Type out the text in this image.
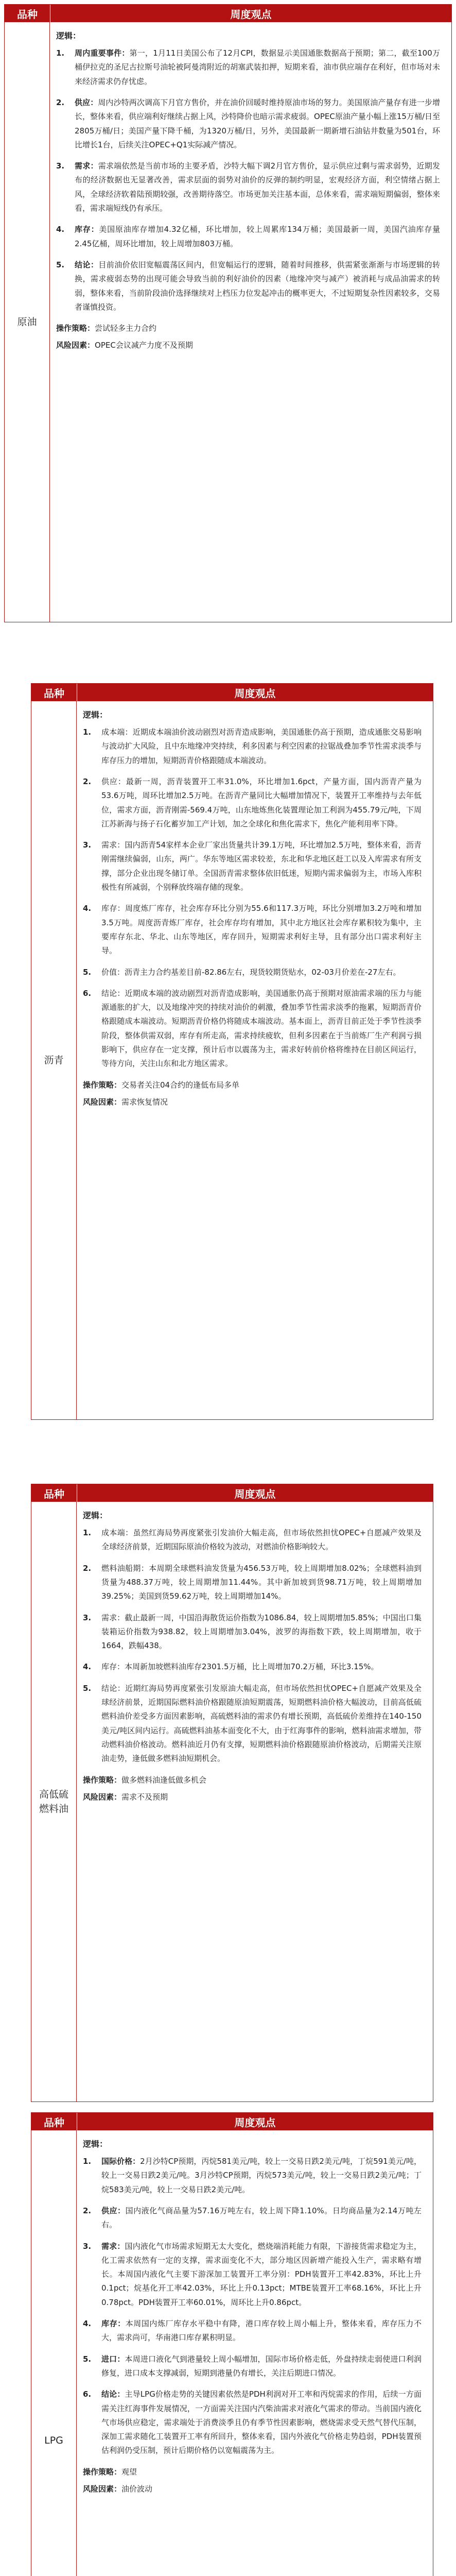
品种	周度观点
原油
逻辑：
1.	周内重要事件：第一，1月11日美国公布了12月CPI，数据显示美国通胀数据高于预期；第二，截至100万桶伊拉克的圣尼古拉斯号油轮被阿曼湾附近的胡塞武装扣押，短期来看，油市供应端存在利好，但市场对未来经济需求仍存忧虑。
2.	供应：周内沙特两次调高下月官方售价，并在油价回暖时维持原油市场的努力。美国原油产量存有进一步增长，整体来看，供应端利好继续占据上风，沙特降价也暗示需求疲弱。OPEC原油产量小幅上涨15万桶/日至2805万桶/日；美国产量下降千桶，为1320万桶/日，另外，美国最新一期新增石油钻井数量为501台，环比增长1台，后续关注OPEC+Q1实际减产情况。
3.	需求：需求端依然是当前市场的主要矛盾，沙特大幅下调2月官方售价，显示供应过剩与需求弱势，近期发布的经济数据也无显著改善，需求层面的弱势对油价的反弹的制约明显，宏观经济方面，利空情绪占据上风，全球经济软着陆预期较强，改善期待落空。市场更加关注基本面，总体来看，需求端短期偏弱，整体来看，需求端短线仍有承压。
4.	库存：美国原油库存增加4.32亿桶，环比增加，较上周累库134万桶；美国最新一周，美国汽油库存量2.45亿桶，周环比增加，较上周增加803万桶。
5.	结论：目前油价依旧宽幅震荡区间内，但宽幅运行的逻辑，随着时间推移，供需紧张渐渐与市场逻辑的转换，需求疲弱态势的出现可能会导致当前的利好油价的因素（地缘冲突与减产）被消耗与成品油需求的转弱，整体来看，当前阶段油价选择继续对上档压力位发起冲击的概率更大，不过短期复杂性因素较多，交易者谨慎投资。
操作策略：尝试轻多主力合约
风险因素：OPEC会议减产力度不及预期
品种	周度观点
沥青
逻辑：
1.	成本端：近期成本端油价波动剧烈对沥青造成影响，美国通胀仍高于预期，造成通胀交易影响与波动扩大风险，且中东地缘冲突持续，利多因素与利空因素的拉锯战叠加季节性需求淡季与库存压力的增加，短期沥青价格跟随成本端波动。
2.	供应：最新一周，沥青装置开工率31.0%，环比增加1.6pct，产量方面，国内沥青产量为53.6万吨，周环比增加2.5万吨。在沥青产量同比大幅增加情况下，装置开工率维持与去年低位，需求方面，沥青刚需-569.4万吨，山东地炼焦化装置理论加工利润为455.79元/吨，下周江苏新海与扬子石化蓄岁加工产计划，加之全球化和焦化需求下，焦化产能利用率下降。
3.	需求：国内沥青54家样本企业厂家出货量共计39.1万吨，环比增加2.5万吨，整体来看，沥青刚需继续偏弱，山东，两广。华东等地区需求较差，东北和华北地区赶工以及入库需求有所支撑，部分企业出现冬储订单。全国沥青需求整体依旧低迷，短期内需求偏弱为主，市场入库积极性有所减弱，个别释放终端存储的现象。
4.	库存：周度炼厂库存，社会库存环比分别为55.6和117.3万吨，环比分别增加3.2万吨和增加3.5万吨。周度沥青炼厂库存，社会库存均有增加，其中北方地区社会库存累积较为集中，主要库存东北、华北、山东等地区，库存回升，短期需求利好主导，且有部分出口需求利好主导。
5.	价值：沥青主力合约基差目前-82.86左右，现货较期货贴水，02-03月价差在-27左右。
6.	结论：近期成本端的波动剧烈对沥青造成影响，美国通胀仍高于预期对原油需求端的压力与能源通胀的扩大，以及地缘冲突的持续对油价的刺激，叠加季节性需求淡季的拖累，短期沥青价格跟随成本端波动。短期沥青价格仍将随成本端波动。基本面上，沥青目前正处于季节性淡季阶段，整体供需双弱，库存有所走高，需求持续疲软，但利多因素在于当前炼厂生产利润亏损影响下，供应存在一定支撑，预计后市以震荡为主，需求好转前价格将维持在目前区间运行，等待方向，关注山东和北方地区需求。
操作策略：交易者关注04合约的逢低布局多单
风险因素：需求恢复情况
品种	周度观点
高低硫燃料油
逻辑：
1.	成本端：虽然红海局势再度紧张引发油价大幅走高，但市场依然担忧OPEC+自愿减产效果及全球经济前景，近期国际原油价格较为波动，对燃油价格影响较大。
2.	燃料油船期：本周期全球燃料油发货量为456.53万吨，较上周期增加8.02%；全球燃料油到货量为488.37万吨，较上周期增加11.44%。其中新加坡到货98.71万吨，较上周期增加39.25%；美国到货59.62万吨，较上周期增加14%。
3.	需求：截止最新一周，中国沿海散货运价指数为1086.84，较上周期增加5.85%；中国出口集装箱运价指数为938.82，较上周期增加3.04%，波罗的海指数下跌，较上周期增加，收于1664，跌幅438。
4.	库存：本周新加坡燃料油库存2301.5万桶，比上周增加70.2万桶，环比3.15%。
5.	结论：近期红海局势再度紧张引发原油大幅走高，但市场依然担忧OPEC+自愿减产效果及全球经济前景，近期国际燃料油价格跟随原油短期震荡，短期燃料油价格大幅波动，目前高低硫燃料油价差受多方面因素影响，高硫燃料油的需求仍有增长预期，高低硫价差维持在140-150美元/吨区间内运行。高硫燃料油基本面变化不大，由于红海事件的影响，燃料油需求增加，带动燃料油价格波动。燃料油近月仍有支撑，短期燃料油价格跟随原油价格波动，后期需关注原油走势，逢低做多燃料油短期机会。
操作策略：做多燃料油逢低做多机会
风险因素：需求不及预期
品种	周度观点
LPG
逻辑：
1.	国际价格：2月沙特CP预期，丙烷581美元/吨，较上一交易日跌2美元/吨，丁烷591美元/吨，较上一交易日跌2美元/吨。3月沙特CP预期，丙烷573美元/吨，较上一交易日跌2美元/吨；丁烷583美元/吨，较上一交易日跌2美元/吨。
2.	供应：国内液化气商品量为57.16万吨左右，较上周下降1.10%。日均商品量为2.14万吨左右。
3.	需求：国内液化气市场需求短期无太大变化，燃烧端消耗能力有限，下游接货需求稳定为主，化工需求依然有一定的支撑，需求面变化不大，部分地区因新增产能投入生产，需求略有增长。本周国内液化气主要下游深加工装置开工率分别：PDH装置开工率42.83%，环比上升0.1pct；烷基化开工率42.03%，环比上升0.13pct；MTBE装置开工率68.16%，环比上升0.78pct。PDH装置开工率60.01%，周环比上升0.86pct。
4.	库存：本周国内炼厂库存水平稳中有降，港口库存较上周小幅上升，整体来看，库存压力不大，需求尚可，华南港口库存累积明显。
5.	进口：本周进口液化气到港量较上周小幅增加，国际市场价格走低，外盘持续走弱使进口利润修复，进口成本支撑减弱，短期到港量仍有增长，关注后期进口情况。
6.	结论：主导LPG价格走势的关键因素依然是PDH利润对开工率和丙烷需求的作用，后续一方面需关注红海事件发展情况，一方面需关注国内汽柴油需求对液化气需求的带动。当前国内液化气市场供应稳定，需求端处于消费淡季且仍有季节性因素影响，燃烧需求受天然气替代压制，深加工需求随化工装置开工率有所回升，整体来看，国内外液化气价格走势趋弱，PDH装置预估利润仍受压制，预计后期价格仍以宽幅震荡为主。
操作策略：观望
风险因素：油价波动
